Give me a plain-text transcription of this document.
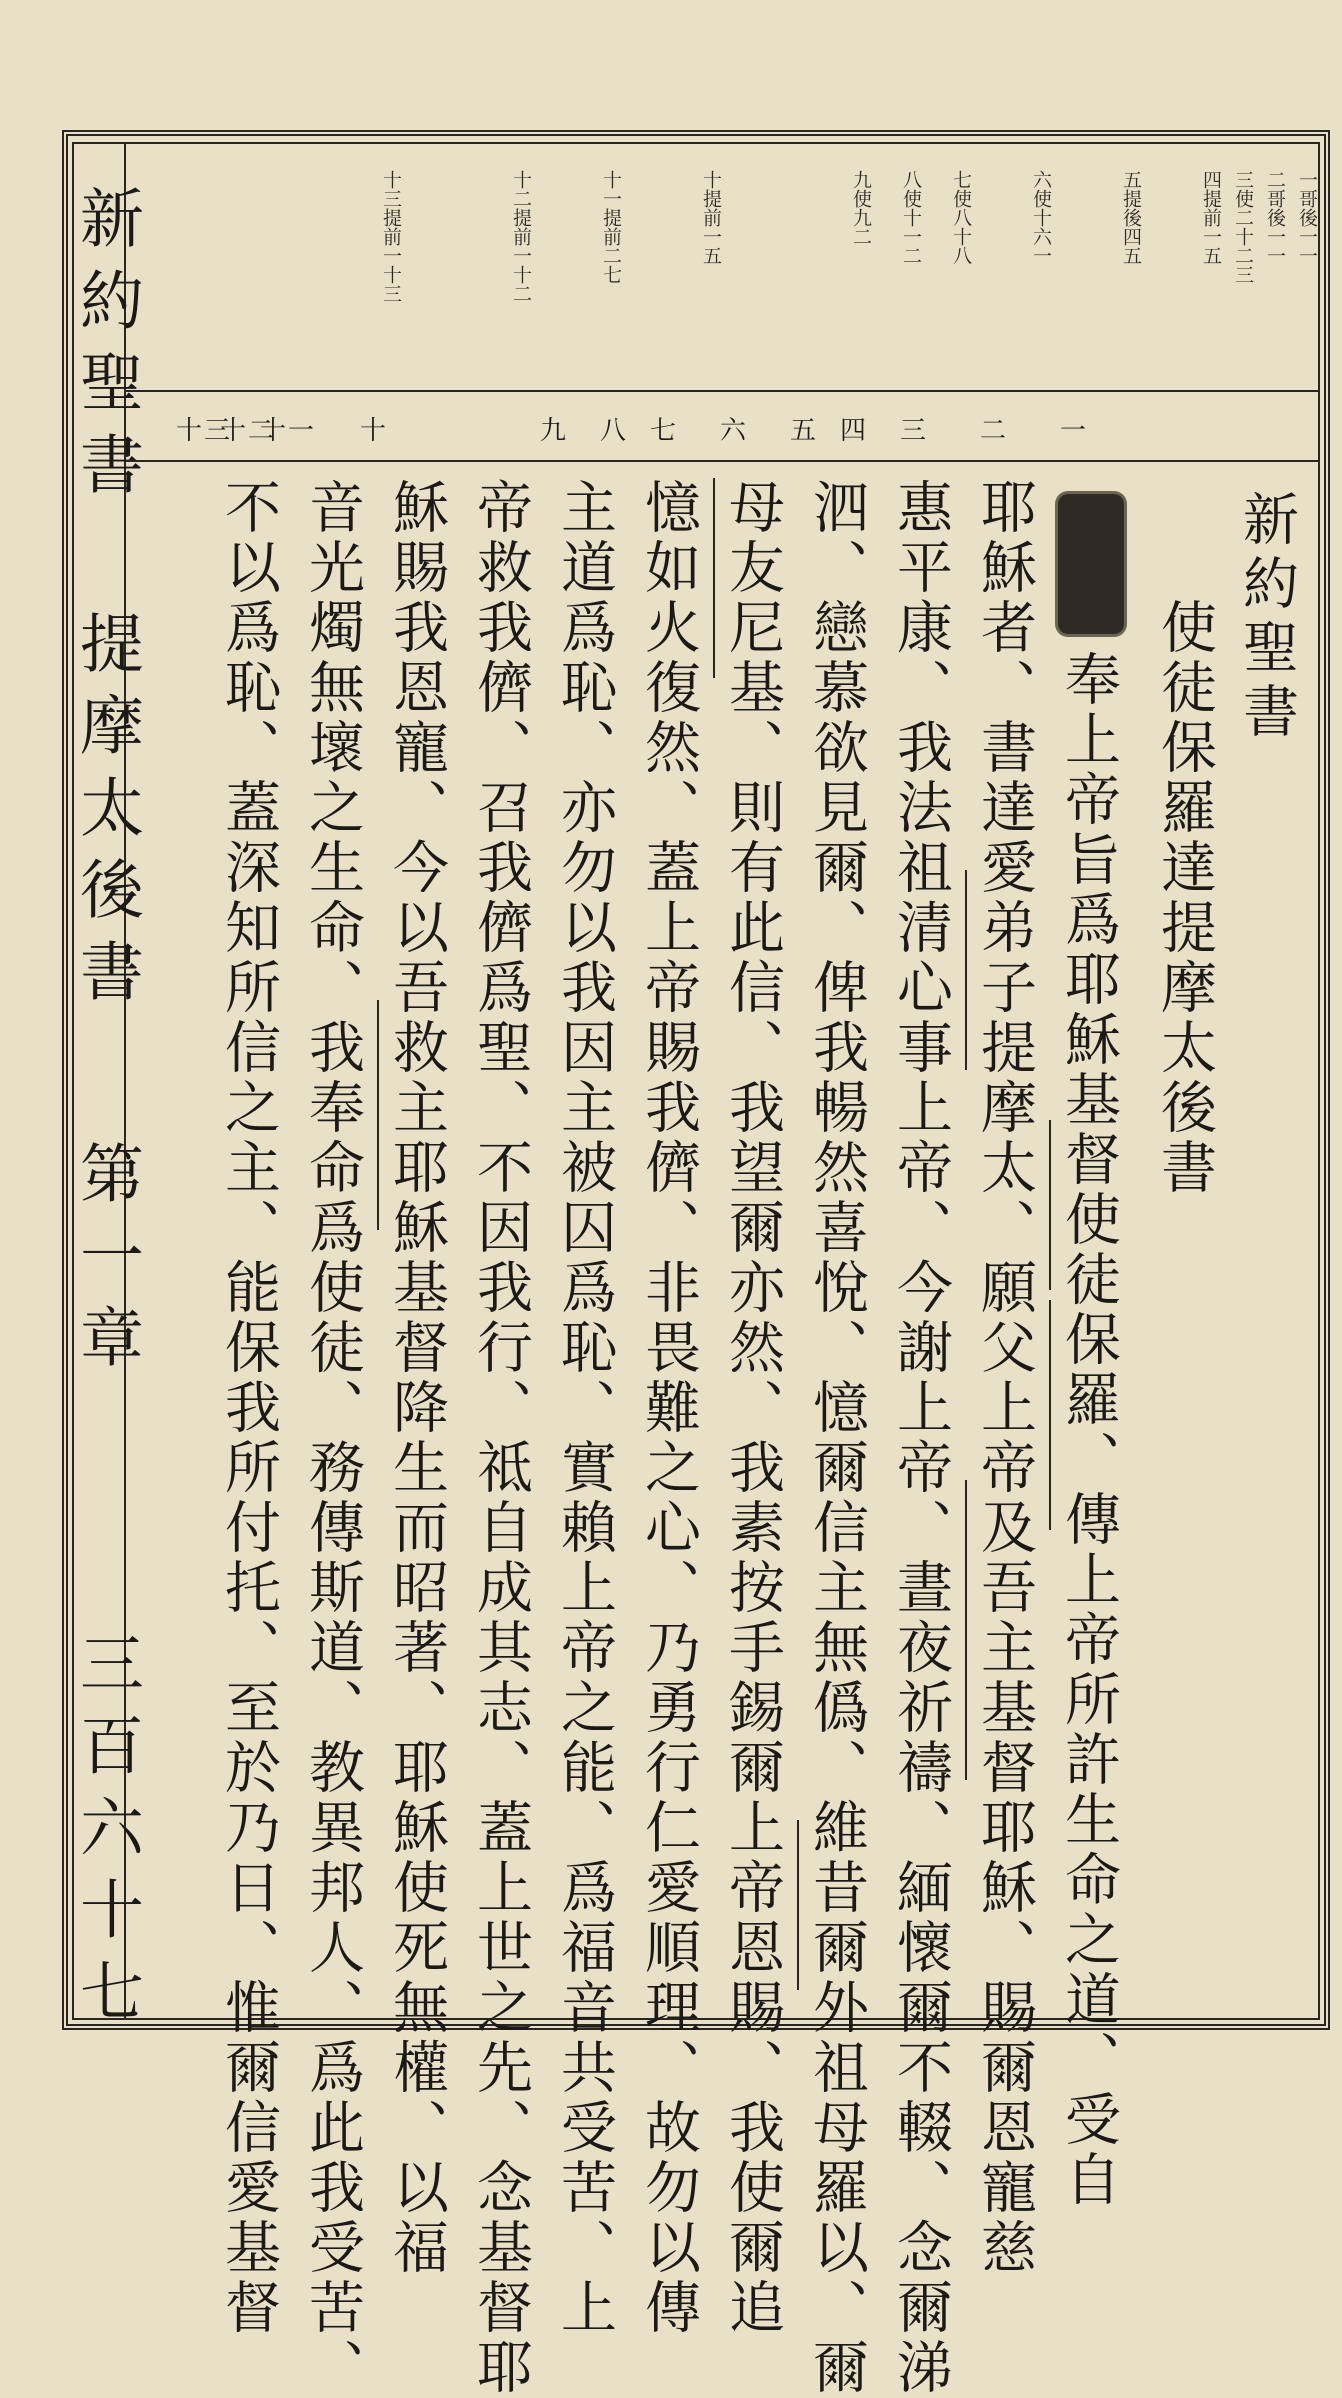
新約聖書
提摩太後書
第一章
三百六十七
一哥後一一
二哥後一一
三使二十二三
四提前一五
五提後四五
六使十六一
七使八十八
八使十一二
九使九二
十提前一五
十一提前二七
十二提前一十二
十三提前一十三
一
二
三
四
五
六
七
八
九
十
十一
十二
十三
新約聖書
使徒保羅達提摩太後書
奉上帝旨爲耶穌基督使徒保羅、傳上帝所許生命之道、受自
耶穌者、書達愛弟子提摩太、願父上帝及吾主基督耶穌、賜爾恩寵慈
惠平康、我法祖清心事上帝、今謝上帝、晝夜祈禱、緬懷爾不輟、念爾涕
泗、戀慕欲見爾、俾我暢然喜悅、憶爾信主無僞、維昔爾外祖母羅以、爾
母友尼基、則有此信、我望爾亦然、我素按手錫爾上帝恩賜、我使爾追
憶如火復然、蓋上帝賜我儕、非畏難之心、乃勇行仁愛順理、故勿以傳
主道爲恥、亦勿以我因主被囚爲恥、實賴上帝之能、爲福音共受苦、上
帝救我儕、召我儕爲聖、不因我行、祗自成其志、蓋上世之先、念基督耶
穌賜我恩寵、今以吾救主耶穌基督降生而昭著、耶穌使死無權、以福
音光燭無壞之生命、我奉命爲使徒、務傳斯道、教異邦人、爲此我受苦、
不以爲恥、蓋深知所信之主、能保我所付托、至於乃日、惟爾信愛基督
